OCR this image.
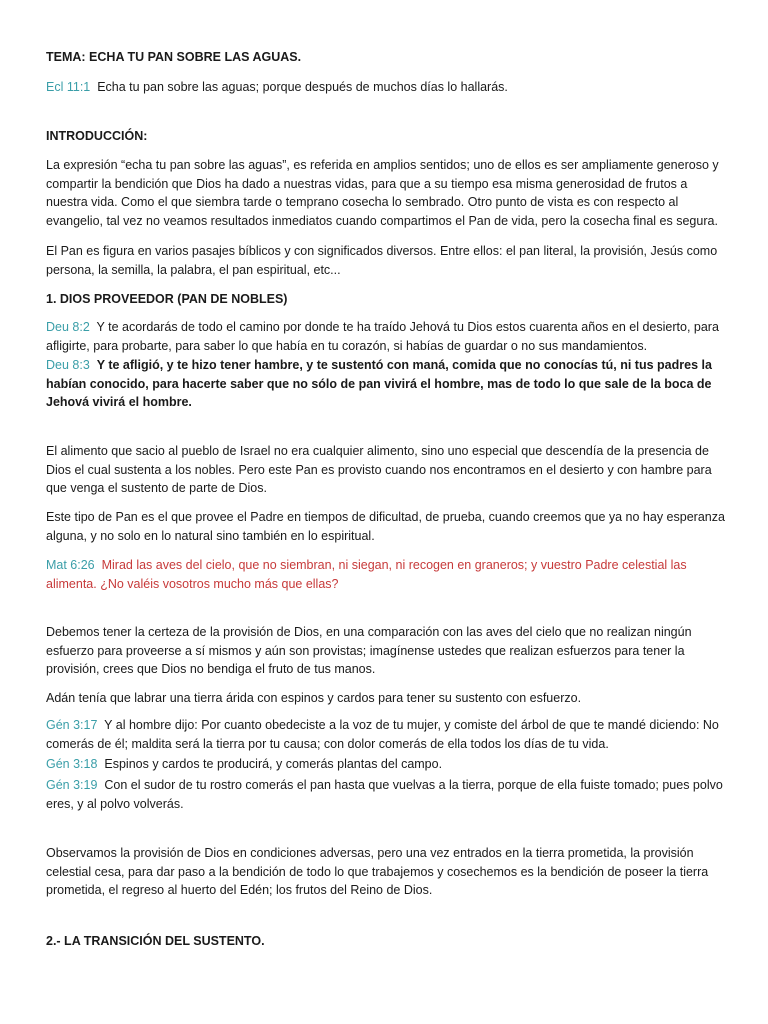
TEMA: ECHA TU PAN SOBRE LAS AGUAS.

Ecl 11:1 Echa tu pan sobre las aguas; porque después de muchos días lo hallarás.

INTRODUCCIÓN:

La expresión “echa tu pan sobre las aguas”, es referida en amplios sentidos; uno de ellos es ser ampliamente generoso y compartir la bendición que Dios ha dado a nuestras vidas, para que a su tiempo esa misma generosidad de frutos a nuestra vida. Como el que siembra tarde o temprano cosecha lo sembrado. Otro punto de vista es con respecto al evangelio, tal vez no veamos resultados inmediatos cuando compartimos el Pan de vida, pero la cosecha final es segura.

El Pan es figura en varios pasajes bíblicos y con significados diversos. Entre ellos: el pan literal, la provisión, Jesús como persona, la semilla, la palabra, el pan espiritual, etc...

1. DIOS PROVEEDOR (PAN DE NOBLES)

Deu 8:2 Y te acordarás de todo el camino por donde te ha traído Jehová tu Dios estos cuarenta años en el desierto, para afligirte, para probarte, para saber lo que había en tu corazón, si habías de guardar o no sus mandamientos.

Deu 8:3 Y te afligió, y te hizo tener hambre, y te sustentó con maná, comida que no conocías tú, ni tus padres la habían conocido, para hacerte saber que no sólo de pan vivirá el hombre, mas de todo lo que sale de la boca de Jehová vivirá el hombre.

El alimento que sacio al pueblo de Israel no era cualquier alimento, sino uno especial que descendía de la presencia de Dios el cual sustenta a los nobles. Pero este Pan es provisto cuando nos encontramos en el desierto y con hambre para que venga el sustento de parte de Dios.

Este tipo de Pan es el que provee el Padre en tiempos de dificultad, de prueba, cuando creemos que ya no hay esperanza alguna, y no solo en lo natural sino también en lo espiritual.

Mat 6:26 Mirad las aves del cielo, que no siembran, ni siegan, ni recogen en graneros; y vuestro Padre celestial las alimenta. ¿No valéis vosotros mucho más que ellas?

Debemos tener la certeza de la provisión de Dios, en una comparación con las aves del cielo que no realizan ningún esfuerzo para proveerse a sí mismos y aún son provistas; imagínense ustedes que realizan esfuerzos para tener la provisión, crees que Dios no bendiga el fruto de tus manos.

Adán tenía que labrar una tierra árida con espinos y cardos para tener su sustento con esfuerzo.

Gén 3:17 Y al hombre dijo: Por cuanto obedeciste a la voz de tu mujer, y comiste del árbol de que te mandé diciendo: No comerás de él; maldita será la tierra por tu causa; con dolor comerás de ella todos los días de tu vida.

Gén 3:18 Espinos y cardos te producirá, y comerás plantas del campo.

Gén 3:19 Con el sudor de tu rostro comerás el pan hasta que vuelvas a la tierra, porque de ella fuiste tomado; pues polvo eres, y al polvo volverás.

Observamos la provisión de Dios en condiciones adversas, pero una vez entrados en la tierra prometida, la provisión celestial cesa, para dar paso a la bendición de todo lo que trabajemos y cosechemos es la bendición de poseer la tierra prometida, el regreso al huerto del Edén; los frutos del Reino de Dios.

2.- LA TRANSICIÓN DEL SUSTENTO.
